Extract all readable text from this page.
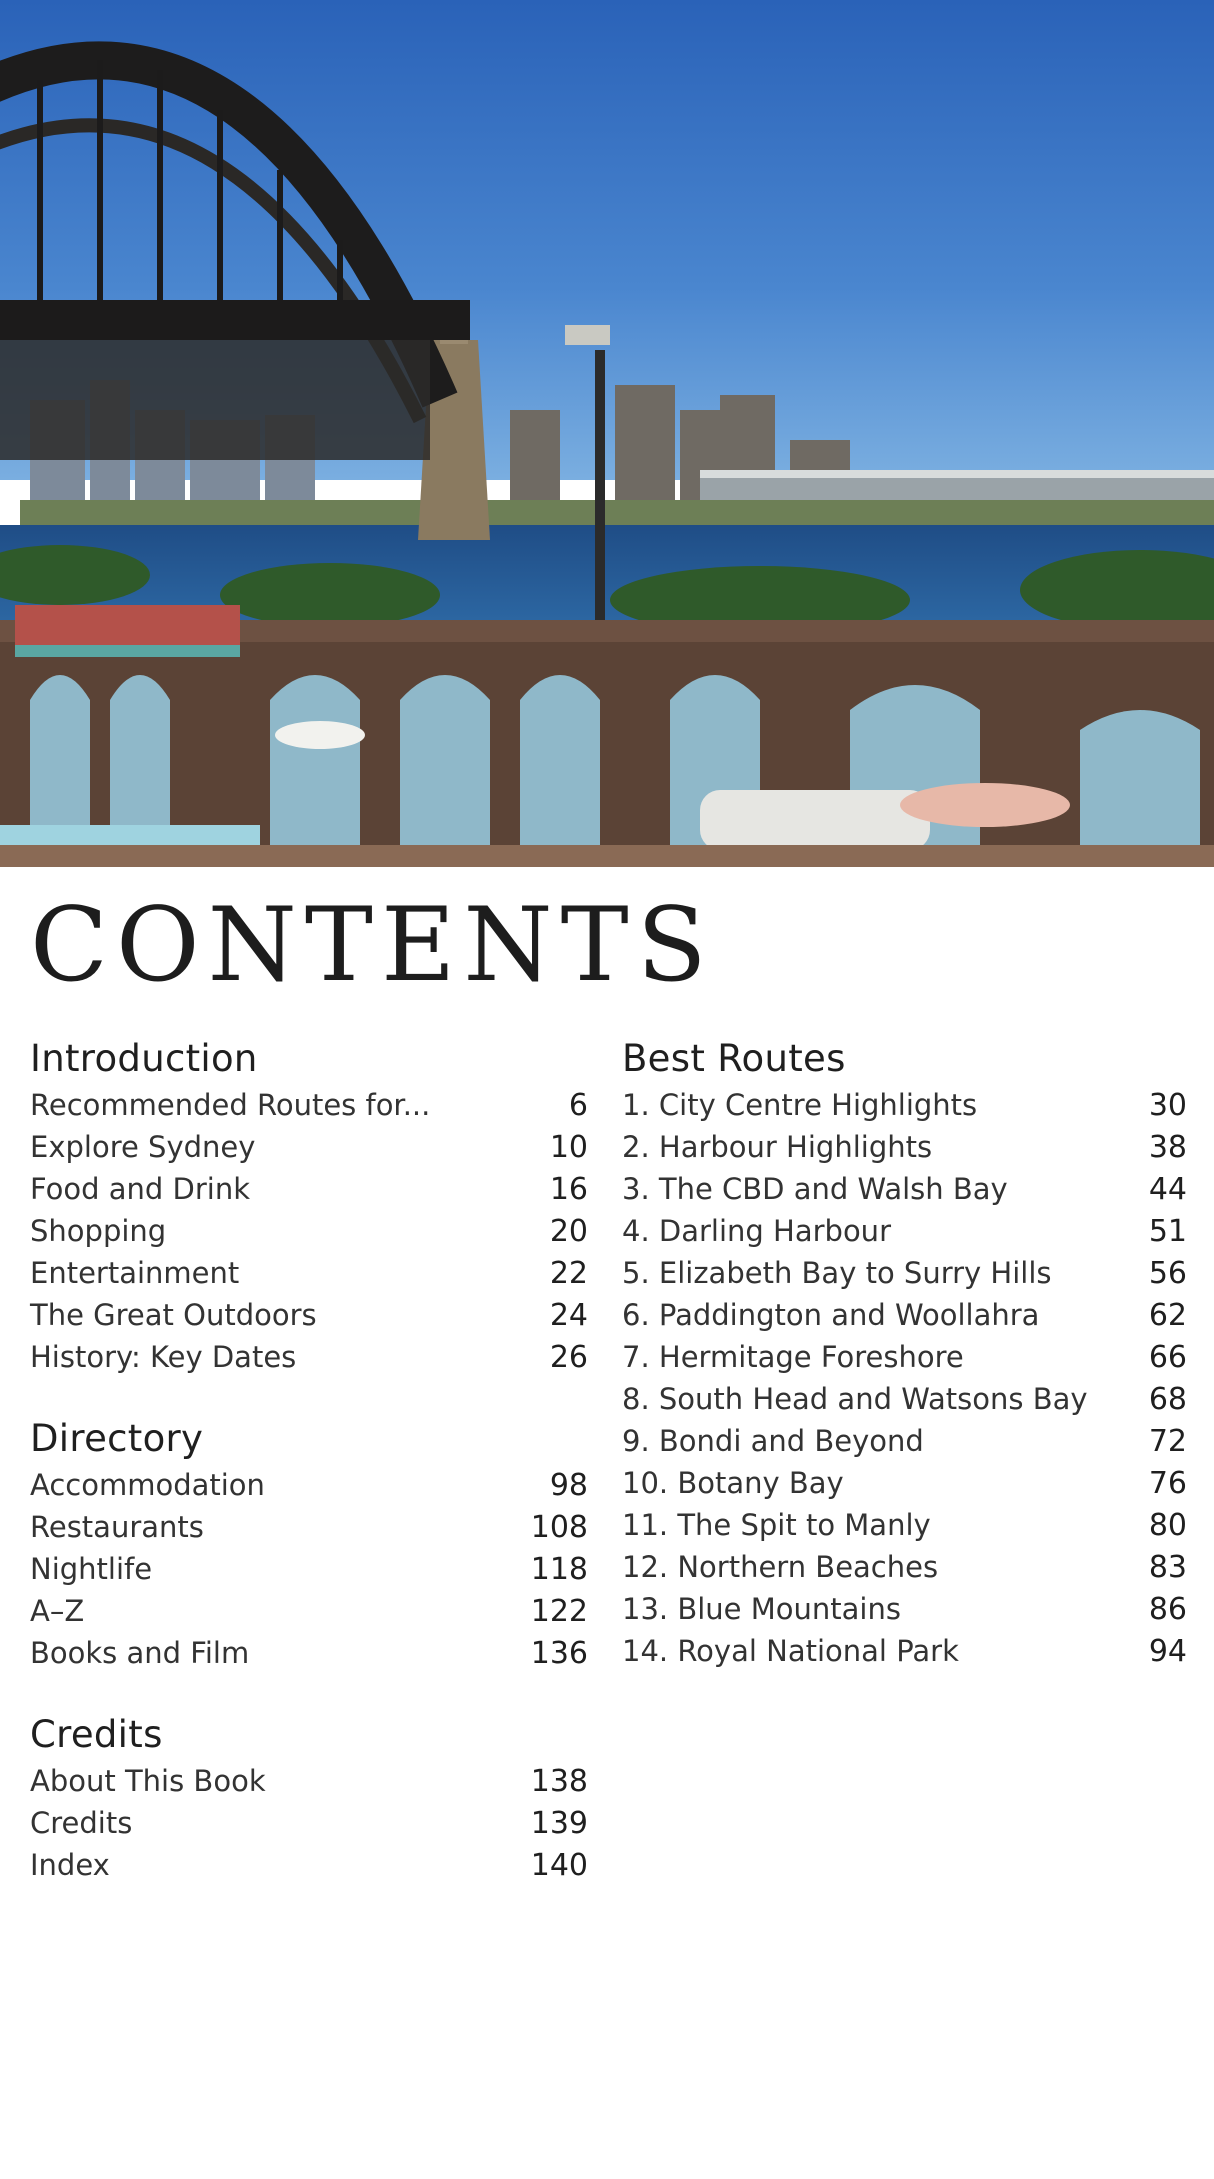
CONTENTS
Introduction
Recommended Routes for...	6
Explore Sydney	10
Food and Drink	16
Shopping	20
Entertainment	22
The Great Outdoors	24
History: Key Dates	26
Directory
Accommodation	98
Restaurants	108
Nightlife	118
A–Z	122
Books and Film	136
Credits
About This Book	138
Credits	139
Index	140
Best Routes
1. City Centre Highlights	30
2. Harbour Highlights	38
3. The CBD and Walsh Bay	44
4. Darling Harbour	51
5. Elizabeth Bay to Surry Hills	56
6. Paddington and Woollahra	62
7. Hermitage Foreshore	66
8. South Head and Watsons Bay 68
9. Bondi and Beyond	72
10. Botany Bay	76
11. The Spit to Manly	80
12. Northern Beaches	83
13. Blue Mountains	86
14. Royal National Park	94
